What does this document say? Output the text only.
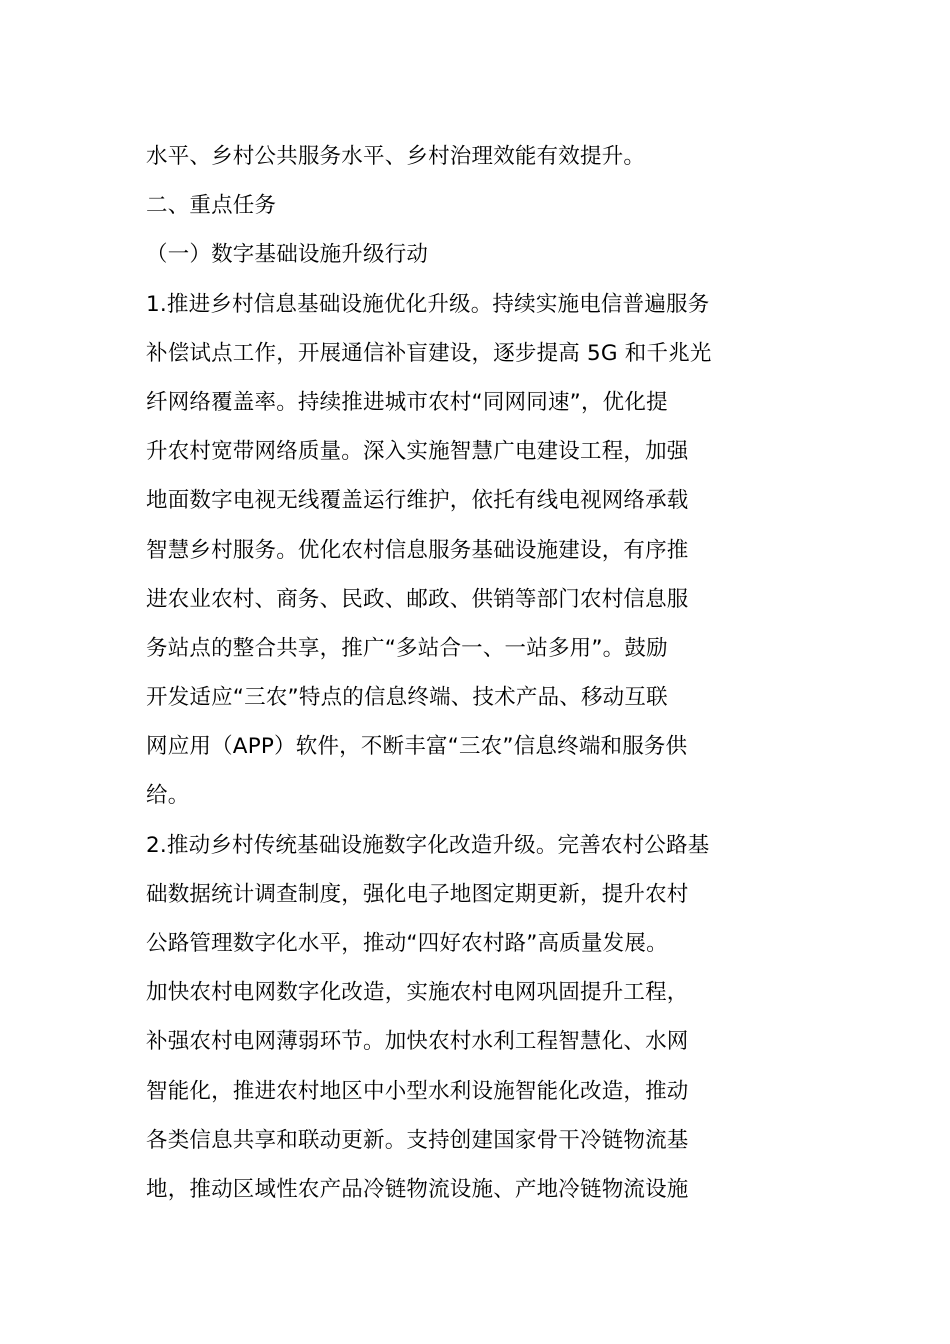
水平、乡村公共服务水平、乡村治理效能有效提升。
二、重点任务
（一）数字基础设施升级行动
1.推进乡村信息基础设施优化升级。持续实施电信普遍服务
补偿试点工作，开展通信补盲建设，逐步提高 5G 和千兆光
纤网络覆盖率。持续推进城市农村“同网同速”，优化提
升农村宽带网络质量。深入实施智慧广电建设工程，加强
地面数字电视无线覆盖运行维护，依托有线电视网络承载
智慧乡村服务。优化农村信息服务基础设施建设，有序推
进农业农村、商务、民政、邮政、供销等部门农村信息服
务站点的整合共享，推广“多站合一、一站多用”。鼓励
开发适应“三农”特点的信息终端、技术产品、移动互联
网应用（APP）软件，不断丰富“三农”信息终端和服务供
给。
2.推动乡村传统基础设施数字化改造升级。完善农村公路基
础数据统计调查制度，强化电子地图定期更新，提升农村
公路管理数字化水平，推动“四好农村路”高质量发展。
加快农村电网数字化改造，实施农村电网巩固提升工程，
补强农村电网薄弱环节。加快农村水利工程智慧化、水网
智能化，推进农村地区中小型水利设施智能化改造，推动
各类信息共享和联动更新。支持创建国家骨干冷链物流基
地，推动区域性农产品冷链物流设施、产地冷链物流设施
